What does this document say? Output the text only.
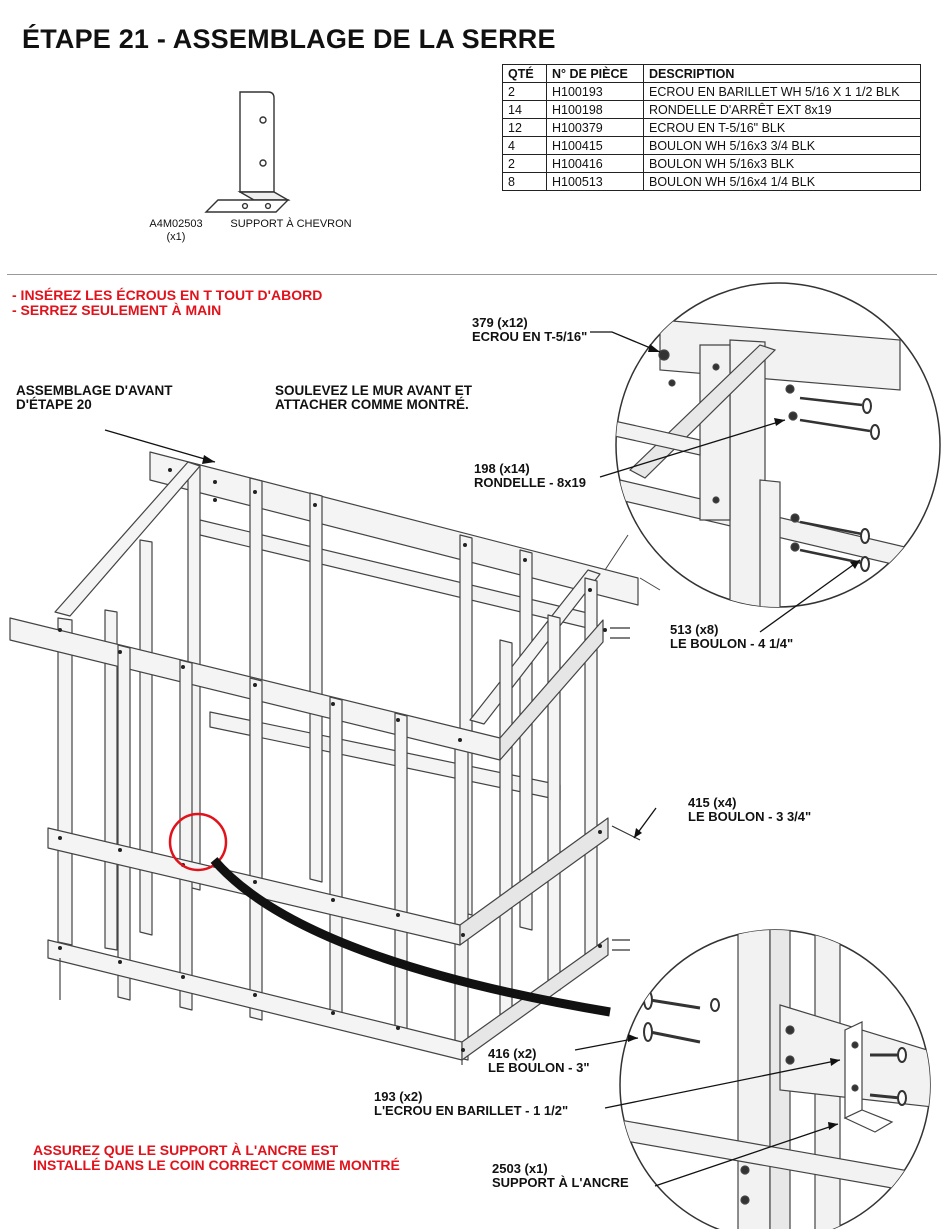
ÉTAPE 21 - ASSEMBLAGE DE LA SERRE
QTÉ	N° DE PIÈCE	DESCRIPTION
2	H100193	ECROU EN BARILLET WH 5/16 X 1 1/2 BLK
14	H100198	RONDELLE D'ARRÊT EXT 8x19
12	H100379	ECROU EN T-5/16" BLK
4	H100415	BOULON WH 5/16x3 3/4 BLK
2	H100416	BOULON WH 5/16x3 BLK
8	H100513	BOULON WH 5/16x4 1/4 BLK
A4M02503
(x1)
SUPPORT À CHEVRON
- INSÉREZ LES ÉCROUS EN T TOUT D'ABORD
- SERREZ SEULEMENT À MAIN
ASSEMBLAGE D'AVANT
D'ÉTAPE 20
SOULEVEZ LE MUR AVANT ET
ATTACHER COMME MONTRÉ.
379 (x12)
ECROU EN T-5/16"
198 (x14)
RONDELLE - 8x19
513 (x8)
LE BOULON - 4 1/4"
415 (x4)
LE BOULON - 3 3/4"
416 (x2)
LE BOULON - 3"
193 (x2)
L'ECROU EN BARILLET - 1 1/2"
2503 (x1)
SUPPORT À L'ANCRE
ASSUREZ QUE LE SUPPORT À L'ANCRE EST
INSTALLÉ DANS LE COIN CORRECT COMME MONTRÉ
